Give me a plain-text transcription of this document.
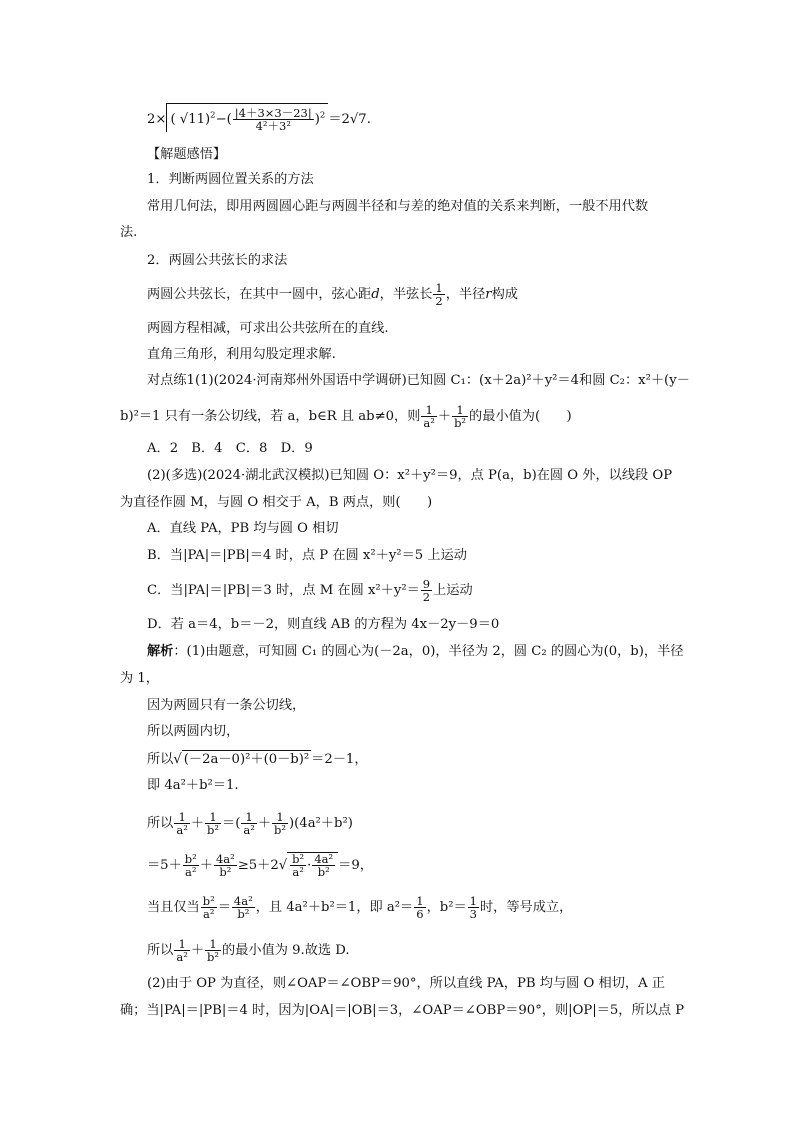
2× ( $√11)^2-( \frac{|4+3\times 3-23|}{\text{4²＋3²}} )^2 =2√7$.
【解题感悟】
1．判断两圆位置关系的方法
常用几何法，即用两圆圆心距与两圆半径和与差的绝对值的关系来判断，一般不用代数
法.
2．两圆公共弦长的求法
两圆公共弦长，在其中一圆中，弦心距d，半弦长 $\frac{1}{2}$ ，半径r构成
两圆方程相减，可求出公共弦所在的直线.
直角三角形，利用勾股定理求解.
对点练1(1)(2024·河南郑州外国语中学调研)已知圆 C₁：(x＋2a)²＋y²＝4和圆 C₂：x²＋(y－
b)²＝1 只有一条公切线，若 a，b∈R 且 ab≠0，则 $\frac{1}{\text{a²}} + \frac{1}{\text{b²}}$ 的最小值为(　　)
A．2　B．4　C．8　D．9
(2)(多选)(2024·湖北武汉模拟)已知圆 O：x²＋y²＝9，点 P(a，b)在圆 O 外，以线段 OP
为直径作圆 M，与圆 O 相交于 A，B 两点，则(　　)
A．直线 PA，PB 均与圆 O 相切
B．当|PA|＝|PB|＝4 时，点 P 在圆 x²＋y²＝5 上运动
C．当|PA|＝|PB|＝3 时，点 M 在圆 $x^2+y^2= \frac{9}{2}$ 上运动
D．若 a＝4，b＝－2，则直线 AB 的方程为 4x－2y－9＝0
解析：(1)由题意，可知圆 C₁ 的圆心为(－2a，0)，半径为 2，圆 C₂ 的圆心为(0，b)，半径
为 1，
因为两圆只有一条公切线，
所以两圆内切，
所以√ (－2a－0)²＋(0－b)² ＝2－1，
即 4a²＋b²＝1.
所以 $\frac{1}{\text{a²}} + \frac{1}{\text{b²}}$ ＝( $\frac{1}{\text{a²}} + \frac{1}{\text{b²}} )(4a^2+b^2)$
$=5+ \frac{\text{b²}}{\text{a²}} + \frac{\text{4a²}}{\text{b²}} \ge 5+2√ \frac{\text{b²}}{\text{a²}} \cdot \frac{\text{4a²}}{\text{b²}} =9$，
当且仅当 $\frac{\text{b²}}{\text{a²}} = \frac{\text{4a²}}{\text{b²}}$ ，且 4a²＋b²＝1，即 $a^2= \frac{1}{6}$ ，$b^2= \frac{1}{3}$ 时，等号成立，
所以 $\frac{1}{\text{a²}} + \frac{1}{\text{b²}}$ 的最小值为 9.故选 D.
(2)由于 OP 为直径，则∠OAP＝∠OBP＝90°，所以直线 PA，PB 均与圆 O 相切，A 正
确；当|PA|＝|PB|＝4 时，因为|OA|＝|OB|＝3，∠OAP＝∠OBP＝90°，则|OP|＝5，所以点 P
